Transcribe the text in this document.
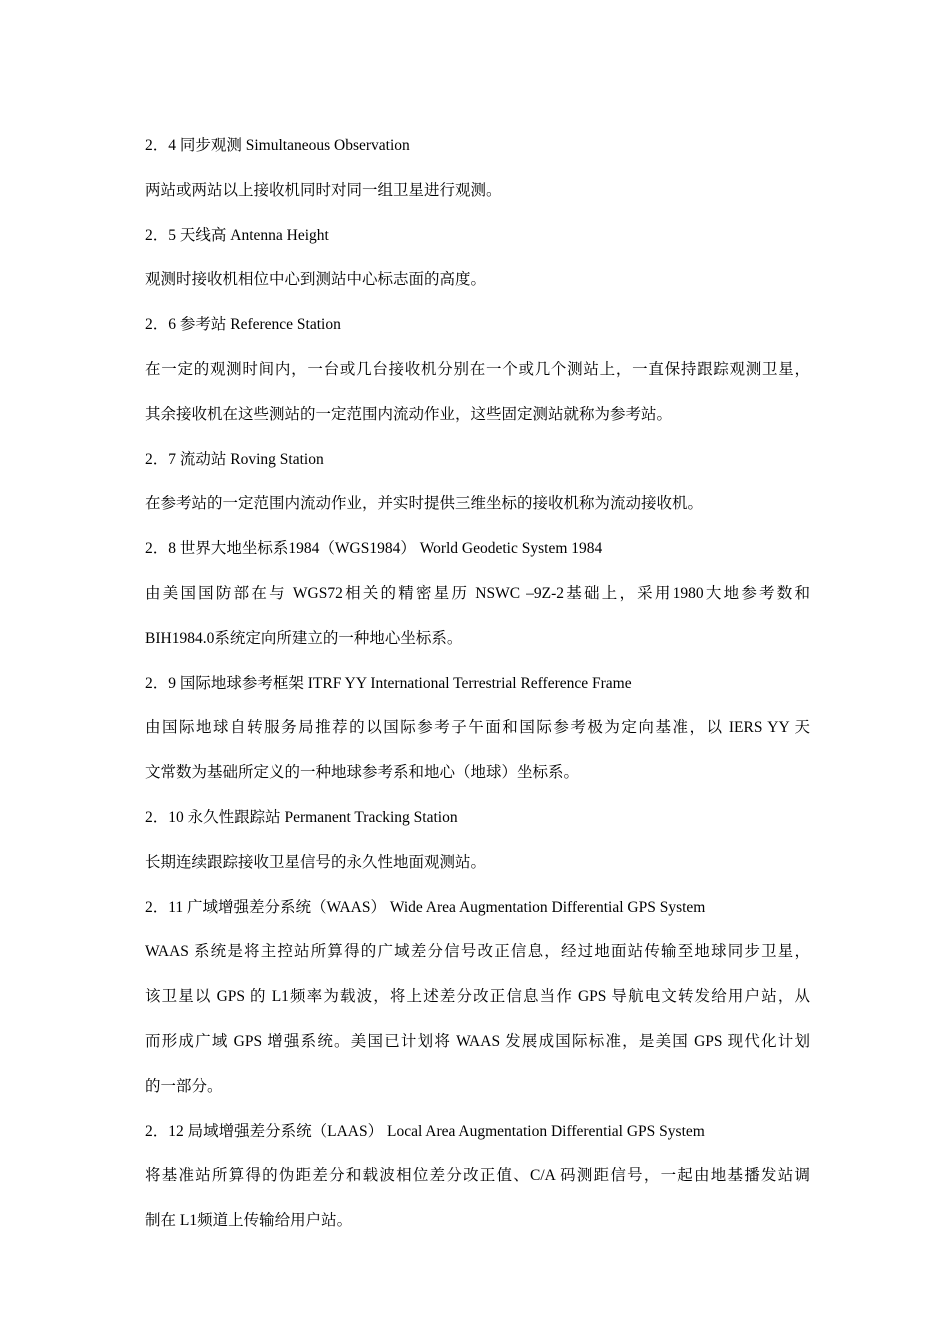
2．4 同步观测 Simultaneous Observation
两站或两站以上接收机同时对同一组卫星进行观测。
2．5 天线高 Antenna Height
观测时接收机相位中心到测站中心标志面的高度。
2．6 参考站 Reference Station
在一定的观测时间内，一台或几台接收机分别在一个或几个测站上，一直保持跟踪观测卫星，
其余接收机在这些测站的一定范围内流动作业，这些固定测站就称为参考站。
2．7 流动站 Roving Station
在参考站的一定范围内流动作业，并实时提供三维坐标的接收机称为流动接收机。
2．8 世界大地坐标系1984（WGS1984） World Geodetic System 1984
由美国国防部在与 WGS72相关的精密星历 NSWC –9Z-2基础上，采用1980大地参考数和
BIH1984.0系统定向所建立的一种地心坐标系。
2．9 国际地球参考框架 ITRF YY International Terrestrial Refference Frame
由国际地球自转服务局推荐的以国际参考子午面和国际参考极为定向基准，以 IERS YY 天
文常数为基础所定义的一种地球参考系和地心（地球）坐标系。
2．10 永久性跟踪站 Permanent Tracking Station
长期连续跟踪接收卫星信号的永久性地面观测站。
2．11 广域增强差分系统（WAAS） Wide Area Augmentation Differential GPS System
WAAS 系统是将主控站所算得的广域差分信号改正信息，经过地面站传输至地球同步卫星，
该卫星以 GPS 的 L1频率为载波，将上述差分改正信息当作 GPS 导航电文转发给用户站，从
而形成广域 GPS 增强系统。美国已计划将 WAAS 发展成国际标准，是美国 GPS 现代化计划
的一部分。
2．12 局域增强差分系统（LAAS） Local Area Augmentation Differential GPS System
将基准站所算得的伪距差分和载波相位差分改正值、C/A 码测距信号，一起由地基播发站调
制在 L1频道上传输给用户站。
